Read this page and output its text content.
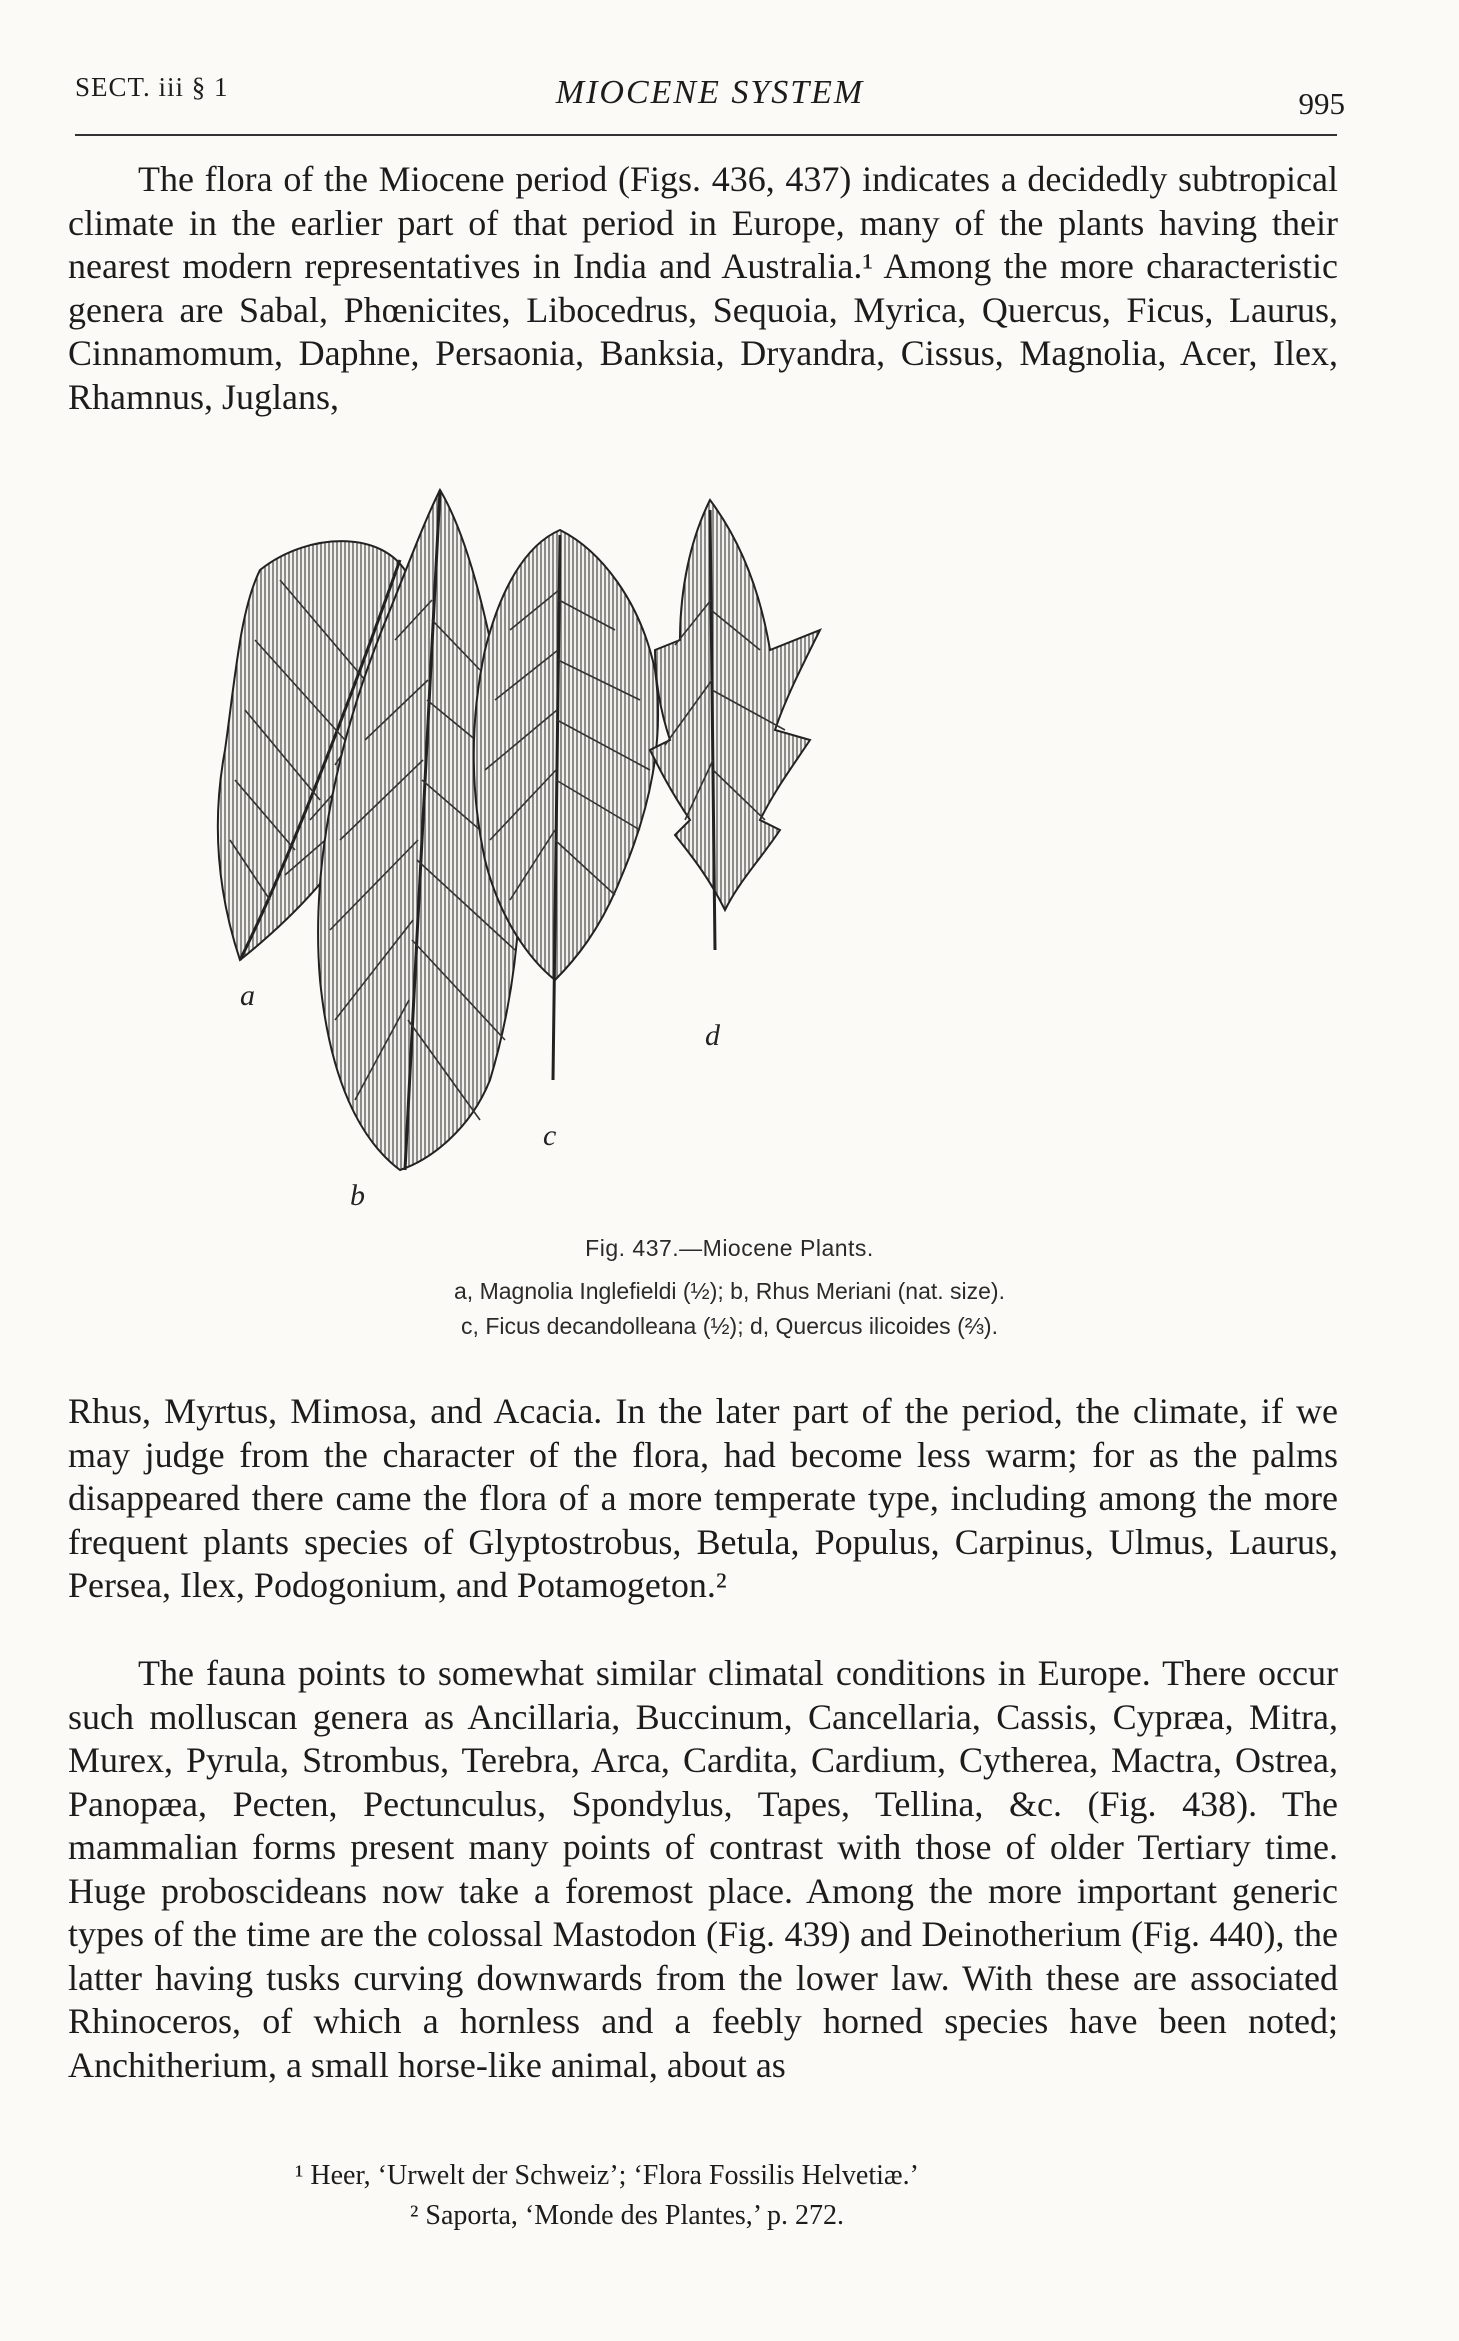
SECT. iii § 1	MIOCENE SYSTEM	995

The flora of the Miocene period (Figs. 436, 437) indicates a decidedly subtropical climate in the earlier part of that period in Europe, many of the plants having their nearest modern representatives in India and Australia.¹ Among the more characteristic genera are Sabal, Phœnicites, Libocedrus, Sequoia, Myrica, Quercus, Ficus, Laurus, Cinnamomum, Daphne, Persaonia, Banksia, Dryandra, Cissus, Magnolia, Acer, Ilex, Rhamnus, Juglans,

a
b
c
d
Fig. 437.—Miocene Plants.
a, Magnolia Inglefieldi (½); b, Rhus Meriani (nat. size).
c, Ficus decandolleana (½); d, Quercus ilicoides (⅔).

Rhus, Myrtus, Mimosa, and Acacia. In the later part of the period, the climate, if we may judge from the character of the flora, had become less warm; for as the palms disappeared there came the flora of a more temperate type, including among the more frequent plants species of Glyptostrobus, Betula, Populus, Carpinus, Ulmus, Laurus, Persea, Ilex, Podogonium, and Potamogeton.²

The fauna points to somewhat similar climatal conditions in Europe. There occur such molluscan genera as Ancillaria, Buccinum, Cancellaria, Cassis, Cypræa, Mitra, Murex, Pyrula, Strombus, Terebra, Arca, Cardita, Cardium, Cytherea, Mactra, Ostrea, Panopæa, Pecten, Pectunculus, Spondylus, Tapes, Tellina, &c. (Fig. 438). The mammalian forms present many points of contrast with those of older Tertiary time. Huge proboscideans now take a foremost place. Among the more important generic types of the time are the colossal Mastodon (Fig. 439) and Deinotherium (Fig. 440), the latter having tusks curving downwards from the lower law. With these are associated Rhinoceros, of which a hornless and a feebly horned species have been noted; Anchitherium, a small horse-like animal, about as

¹ Heer, ‘Urwelt der Schweiz’; ‘Flora Fossilis Helvetiæ.’
² Saporta, ‘Monde des Plantes,’ p. 272.
